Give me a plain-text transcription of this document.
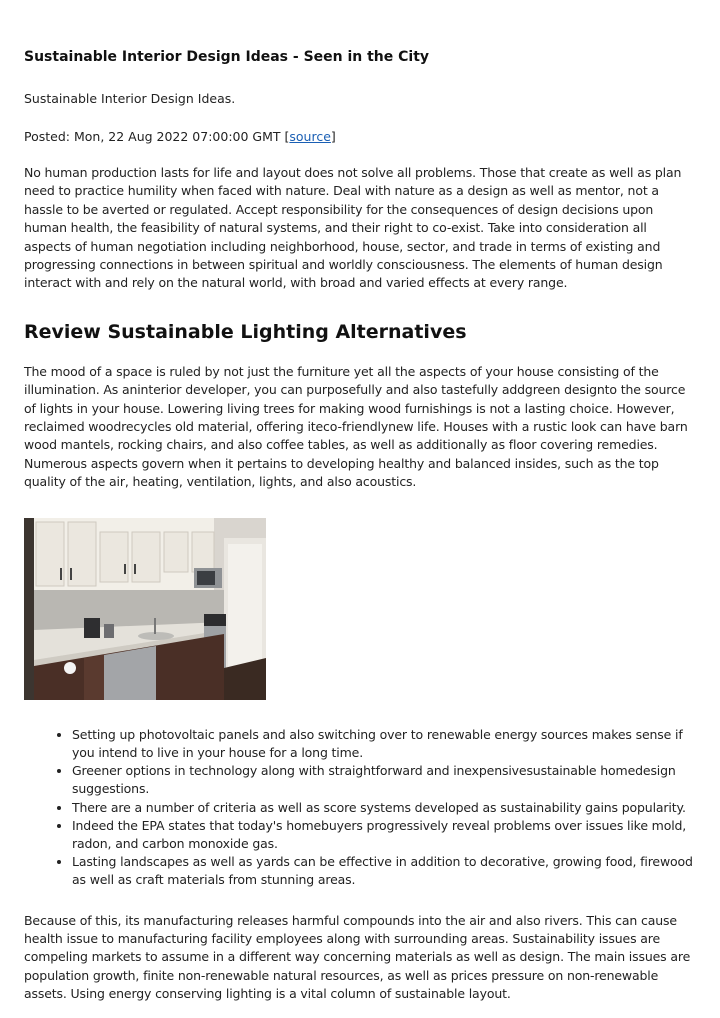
Sustainable Interior Design Ideas - Seen in the City
Sustainable Interior Design Ideas.
Posted: Mon, 22 Aug 2022 07:00:00 GMT [source]

No human production lasts for life and layout does not solve all problems. Those that create as well as plan need to practice humility when faced with nature. Deal with nature as a design as well as mentor, not a hassle to be averted or regulated. Accept responsibility for the consequences of design decisions upon human health, the feasibility of natural systems, and their right to co-exist. Take into consideration all aspects of human negotiation including neighborhood, house, sector, and trade in terms of existing and progressing connections in between spiritual and worldly consciousness. The elements of human design interact with and rely on the natural world, with broad and varied effects at every range.

Review Sustainable Lighting Alternatives

The mood of a space is ruled by not just the furniture yet all the aspects of your house consisting of the illumination. As aninterior developer, you can purposefully and also tastefully addgreen designto the source of lights in your house. Lowering living trees for making wood furnishings is not a lasting choice. However, reclaimed woodrecycles old material, offering iteco-friendlynew life. Houses with a rustic look can have barn wood mantels, rocking chairs, and also coffee tables, as well as additionally as floor covering remedies. Numerous aspects govern when it pertains to developing healthy and balanced insides, such as the top quality of the air, heating, ventilation, lights, and also acoustics.

• Setting up photovoltaic panels and also switching over to renewable energy sources makes sense if you intend to live in your house for a long time.
• Greener options in technology along with straightforward and inexpensivesustainable homedesign suggestions.
• There are a number of criteria as well as score systems developed as sustainability gains popularity.
• Indeed the EPA states that today's homebuyers progressively reveal problems over issues like mold, radon, and carbon monoxide gas.
• Lasting landscapes as well as yards can be effective in addition to decorative, growing food, firewood as well as craft materials from stunning areas.

Because of this, its manufacturing releases harmful compounds into the air and also rivers. This can cause health issue to manufacturing facility employees along with surrounding areas. Sustainability issues are compeling markets to assume in a different way concerning materials as well as design. The main issues are population growth, finite non-renewable natural resources, as well as prices pressure on non-renewable assets. Using energy conserving lighting is a vital column of sustainable layout.
